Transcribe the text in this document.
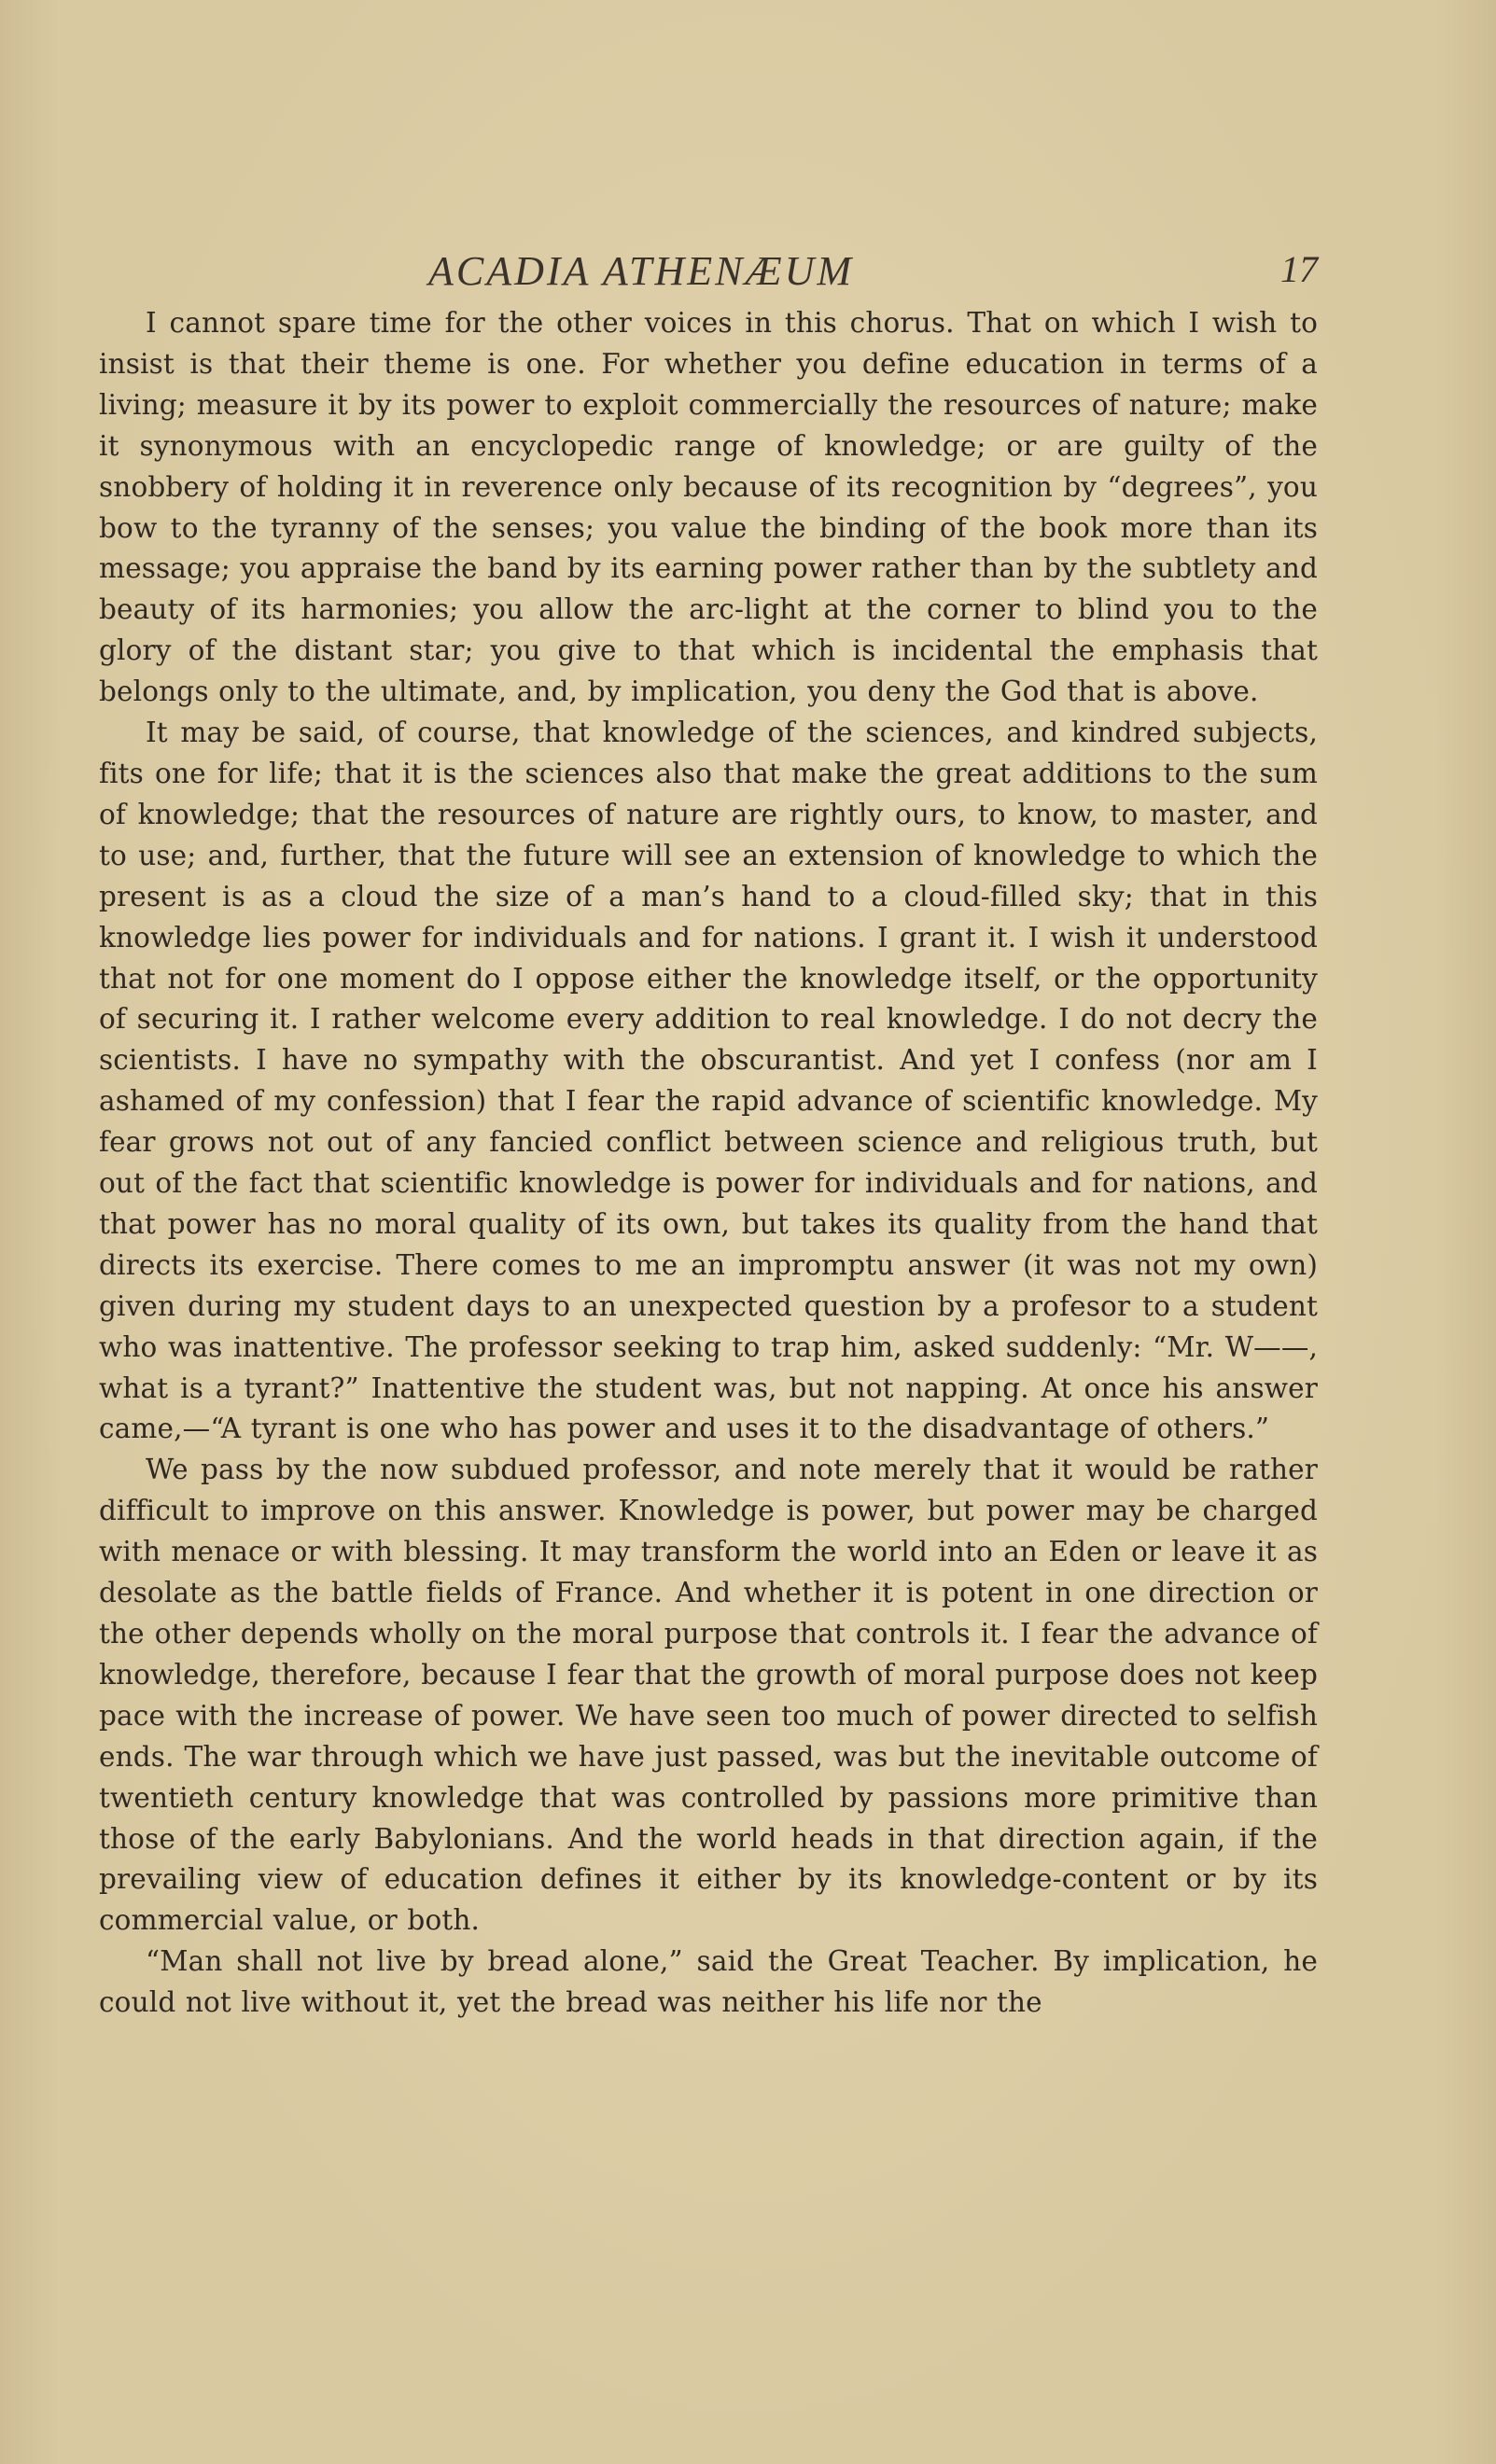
ACADIA ATHENÆUM	17

I cannot spare time for the other voices in this chorus. That on which I wish to insist is that their theme is one. For whether you define education in terms of a living; measure it by its power to exploit commercially the resources of nature; make it synonymous with an encyclopedic range of knowledge; or are guilty of the snobbery of holding it in reverence only because of its recognition by “degrees”, you bow to the tyranny of the senses; you value the binding of the book more than its message; you appraise the band by its earning power rather than by the subtlety and beauty of its harmonies; you allow the arc-light at the corner to blind you to the glory of the distant star; you give to that which is incidental the emphasis that belongs only to the ultimate, and, by implication, you deny the God that is above.

It may be said, of course, that knowledge of the sciences, and kindred subjects, fits one for life; that it is the sciences also that make the great additions to the sum of knowledge; that the resources of nature are rightly ours, to know, to master, and to use; and, further, that the future will see an extension of knowledge to which the present is as a cloud the size of a man’s hand to a cloud-filled sky; that in this knowledge lies power for individuals and for nations. I grant it. I wish it understood that not for one moment do I oppose either the knowledge itself, or the opportunity of securing it. I rather welcome every addition to real knowledge. I do not decry the scientists. I have no sympathy with the obscurantist. And yet I confess (nor am I ashamed of my confession) that I fear the rapid advance of scientific knowledge. My fear grows not out of any fancied conflict between science and religious truth, but out of the fact that scientific knowledge is power for individuals and for nations, and that power has no moral quality of its own, but takes its quality from the hand that directs its exercise. There comes to me an impromptu answer (it was not my own) given during my student days to an unexpected question by a profesor to a student who was inattentive. The professor seeking to trap him, asked suddenly: “Mr. W——, what is a tyrant?” Inattentive the student was, but not napping. At once his answer came,—“A tyrant is one who has power and uses it to the disadvantage of others.”

We pass by the now subdued professor, and note merely that it would be rather difficult to improve on this answer. Knowledge is power, but power may be charged with menace or with blessing. It may transform the world into an Eden or leave it as desolate as the battle fields of France. And whether it is potent in one direction or the other depends wholly on the moral purpose that controls it. I fear the advance of knowledge, therefore, because I fear that the growth of moral purpose does not keep pace with the increase of power. We have seen too much of power directed to selfish ends. The war through which we have just passed, was but the inevitable outcome of twentieth century knowledge that was controlled by passions more primitive than those of the early Babylonians. And the world heads in that direction again, if the prevailing view of education defines it either by its knowledge-content or by its commercial value, or both.

“Man shall not live by bread alone,” said the Great Teacher. By implication, he could not live without it, yet the bread was neither his life nor the
